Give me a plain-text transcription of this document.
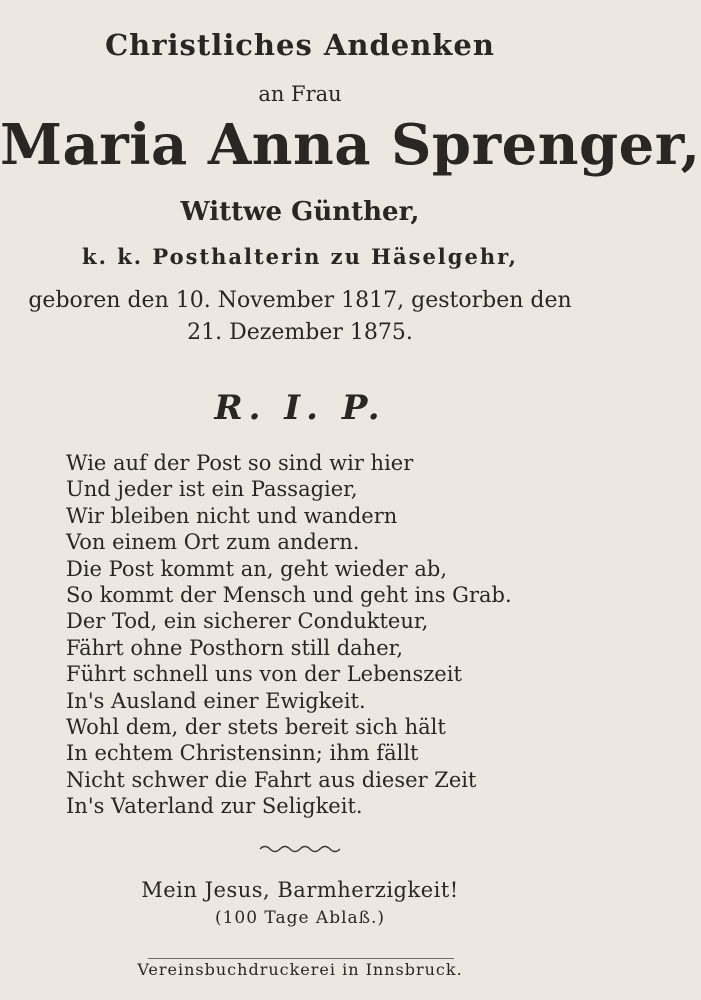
Christliches Andenken
an Frau
Maria Anna Sprenger,
Wittwe Günther,
k. k. Posthalterin zu Häselgehr,
geboren den 10. November 1817, gestorben den
21. Dezember 1875.
R. I. P.
Wie auf der Post so sind wir hier
Und jeder ist ein Passagier,
Wir bleiben nicht und wandern
Von einem Ort zum andern.
Die Post kommt an, geht wieder ab,
So kommt der Mensch und geht ins Grab.
Der Tod, ein sicherer Condukteur,
Fährt ohne Posthorn still daher,
Führt schnell uns von der Lebenszeit
In's Ausland einer Ewigkeit.
Wohl dem, der stets bereit sich hält
In echtem Christensinn; ihm fällt
Nicht schwer die Fahrt aus dieser Zeit
In's Vaterland zur Seligkeit.
Mein Jesus, Barmherzigkeit!
(100 Tage Ablaß.)
Vereinsbuchdruckerei in Innsbruck.
